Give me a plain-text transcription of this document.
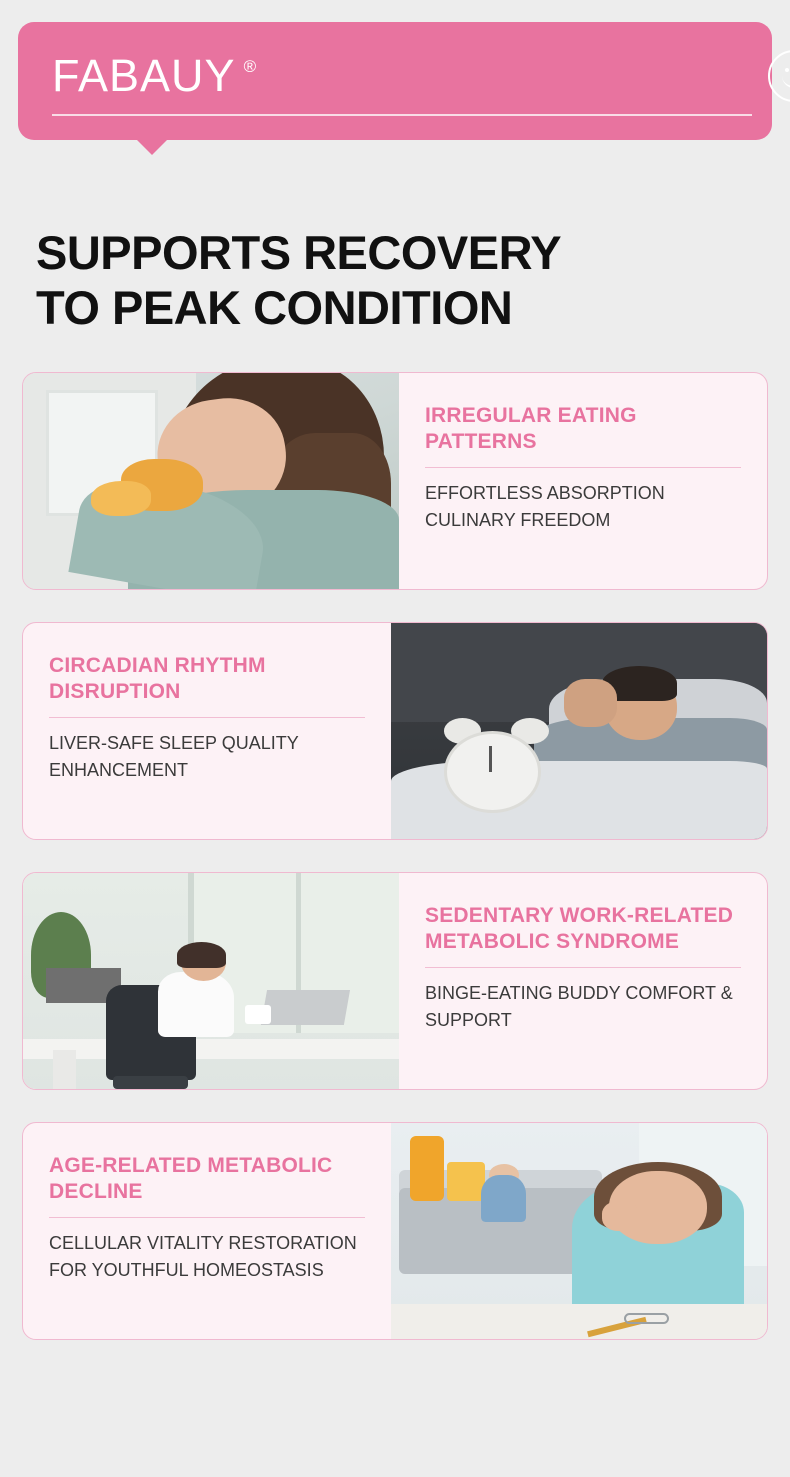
FABAUY ®
SUPPORTS RECOVERY
TO PEAK CONDITION
IRREGULAR EATING PATTERNS
EFFORTLESS ABSORPTION CULINARY FREEDOM
CIRCADIAN RHYTHM DISRUPTION
LIVER-SAFE SLEEP QUALITY ENHANCEMENT
SEDENTARY WORK-RELATED METABOLIC SYNDROME
BINGE-EATING BUDDY COMFORT & SUPPORT
AGE-RELATED METABOLIC DECLINE
CELLULAR VITALITY RESTORATION FOR YOUTHFUL HOMEOSTASIS
